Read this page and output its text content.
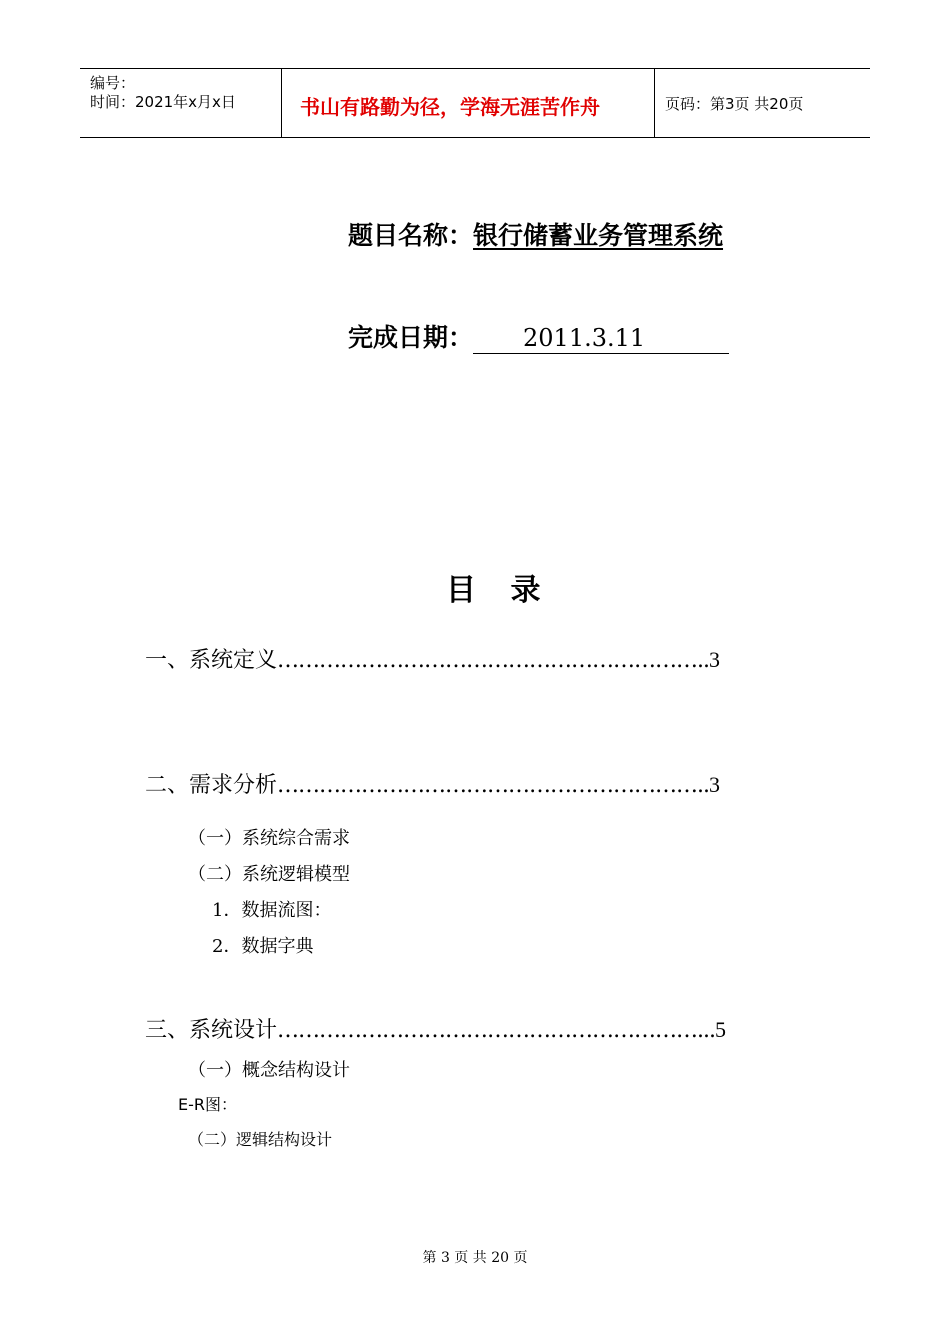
编号：
时间：2021年x月x日	书山有路勤为径，学海无涯苦作舟	页码：第3页 共20页
题目名称：银行储蓄业务管理系统
完成日期： 2011.3.11
目 录
一、系统定义……………………………………………………..3
二、需求分析……………………………………………………..3
（一）系统综合需求
（二）系统逻辑模型
1．数据流图：
2．数据字典
三、系统设计……………………………………………………...5
（一）概念结构设计
E-R图：
（二）逻辑结构设计
第 3 页 共 20 页
